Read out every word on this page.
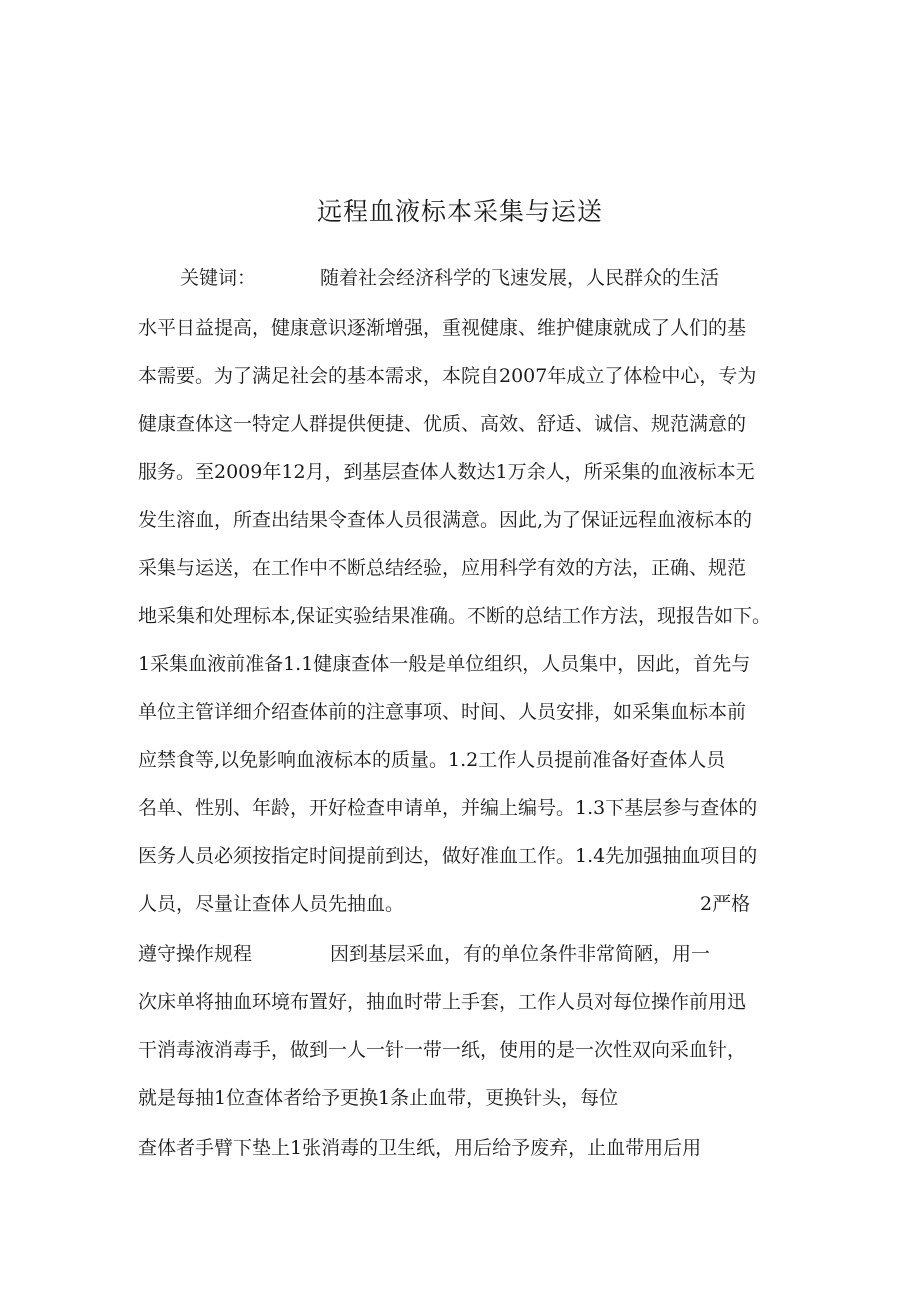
远程血液标本采集与运送
关键词：	随着社会经济科学的飞速发展，人民群众的生活
水平日益提高，健康意识逐渐增强，重视健康、维护健康就成了人们的基
本需要。为了满足社会的基本需求，本院自2007年成立了体检中心，专为
健康查体这一特定人群提供便捷、优质、高效、舒适、诚信、规范满意的
服务。至2009年12月，到基层查体人数达1万余人，所采集的血液标本无
发生溶血，所查出结果令查体人员很满意。因此,为了保证远程血液标本的
采集与运送，在工作中不断总结经验，应用科学有效的方法，正确、规范
地采集和处理标本,保证实验结果准确。不断的总结工作方法，现报告如下。
1采集血液前准备1.1健康查体一般是单位组织，人员集中，因此，首先与
单位主管详细介绍查体前的注意事项、时间、人员安排，如采集血标本前
应禁食等,以免影响血液标本的质量。1.2工作人员提前准备好查体人员
名单、性别、年龄，开好检查申请单，并编上编号。1.3下基层参与查体的
医务人员必须按指定时间提前到达，做好准血工作。1.4先加强抽血项目的
人员，尽量让查体人员先抽血。	2严格
遵守操作规程	因到基层采血，有的单位条件非常简陋，用一
次床单将抽血环境布置好，抽血时带上手套，工作人员对每位操作前用迅
干消毒液消毒手，做到一人一针一带一纸，使用的是一次性双向采血针，
就是每抽1位查体者给予更换1条止血带，更换针头，每位
查体者手臂下垫上1张消毒的卫生纸，用后给予废弃，止血带用后用
